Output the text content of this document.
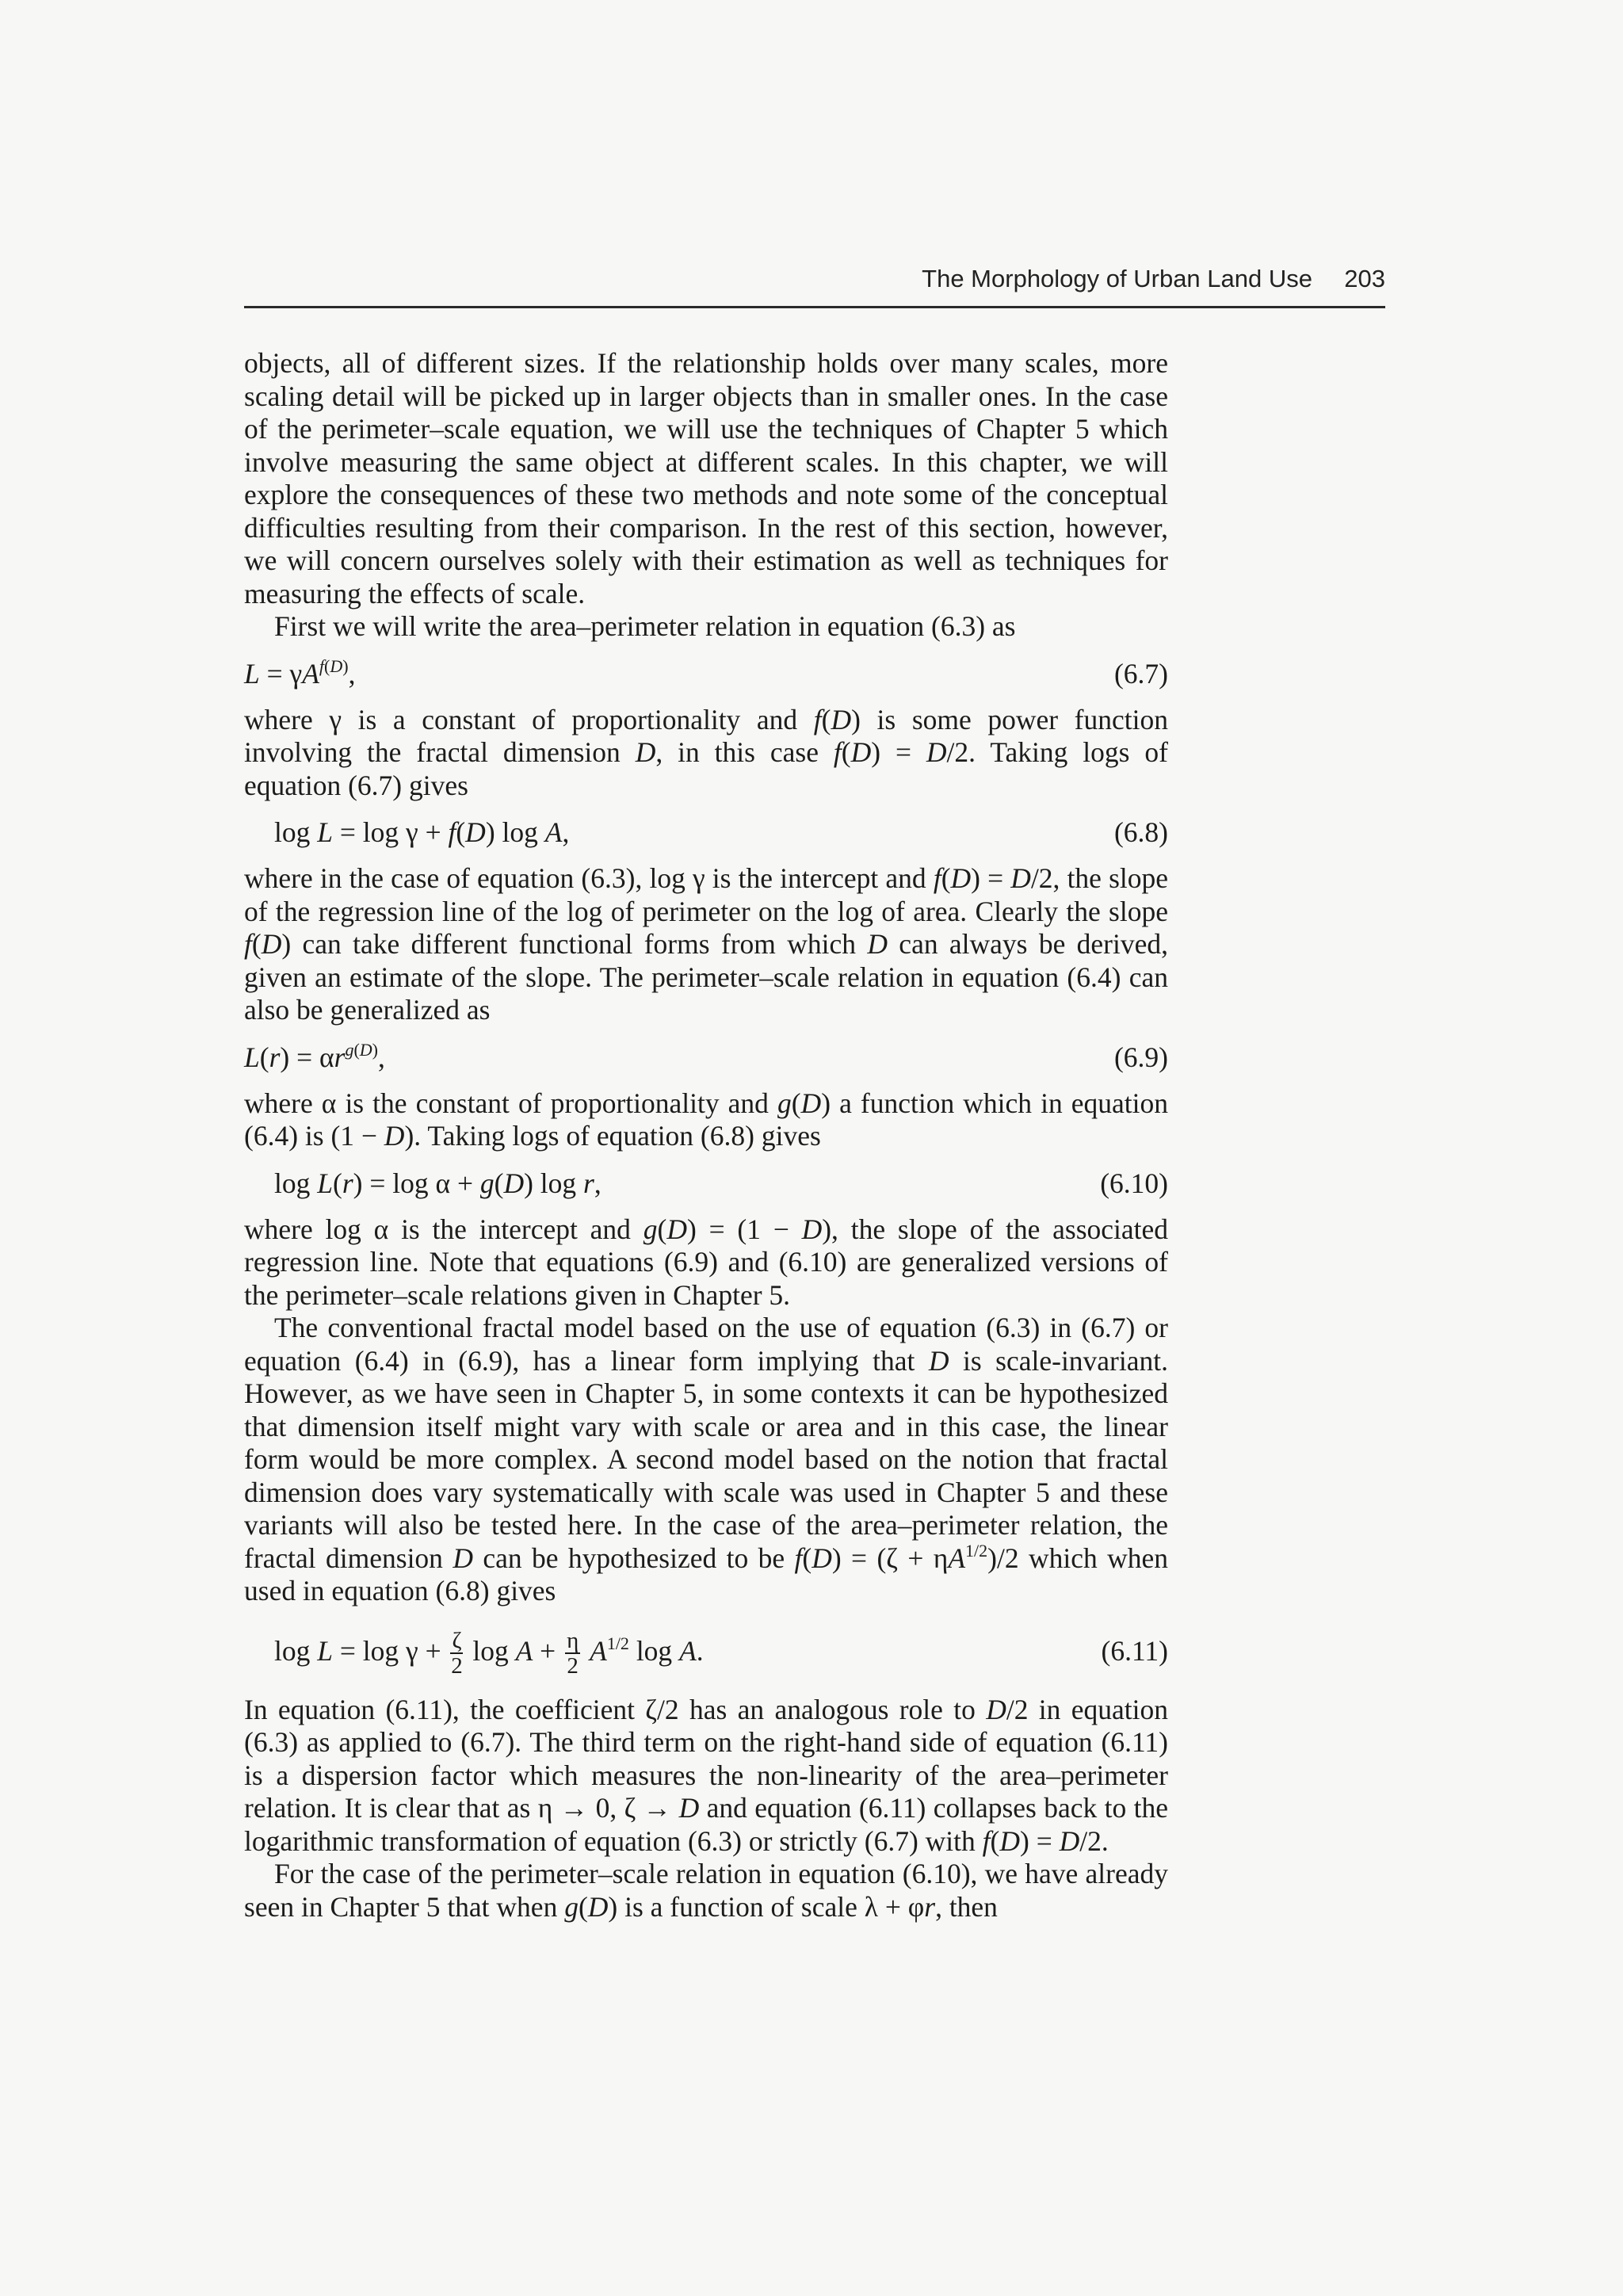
The Morphology of Urban Land Use 203

objects, all of different sizes. If the relationship holds over many scales, more scaling detail will be picked up in larger objects than in smaller ones. In the case of the perimeter–scale equation, we will use the techniques of Chapter 5 which involve measuring the same object at different scales. In this chapter, we will explore the consequences of these two methods and note some of the conceptual difficulties resulting from their comparison. In the rest of this section, however, we will concern ourselves solely with their estimation as well as techniques for measuring the effects of scale.

First we will write the area–perimeter relation in equation (6.3) as

$L = \gamma A^{f(D)}$,	(6.7)

where γ is a constant of proportionality and f(D) is some power function involving the fractal dimension D, in this case f(D) = D/2. Taking logs of equation (6.7) gives

log L = log γ + f(D) log A,	(6.8)

where in the case of equation (6.3), log γ is the intercept and f(D) = D/2, the slope of the regression line of the log of perimeter on the log of area. Clearly the slope f(D) can take different functional forms from which D can always be derived, given an estimate of the slope. The perimeter–scale relation in equation (6.4) can also be generalized as

$L(r) = \alpha r^{g(D)}$,	(6.9)

where α is the constant of proportionality and g(D) a function which in equation (6.4) is (1 − D). Taking logs of equation (6.8) gives

log L(r) = log α + g(D) log r,	(6.10)

where log α is the intercept and g(D) = (1 − D), the slope of the associated regression line. Note that equations (6.9) and (6.10) are generalized versions of the perimeter–scale relations given in Chapter 5.

The conventional fractal model based on the use of equation (6.3) in (6.7) or equation (6.4) in (6.9), has a linear form implying that D is scale-invariant. However, as we have seen in Chapter 5, in some contexts it can be hypothesized that dimension itself might vary with scale or area and in this case, the linear form would be more complex. A second model based on the notion that fractal dimension does vary systematically with scale was used in Chapter 5 and these variants will also be tested here. In the case of the area–perimeter relation, the fractal dimension D can be hypothesized to be $f(D) = (\zeta + \eta A^{1/2})/2$ which when used in equation (6.8) gives

$\log L = \log \gamma + \frac{\zeta}{2}$ $\log A + \frac{\eta}{2} A^{1/2}$ log A.	(6.11)

In equation (6.11), the coefficient ζ/2 has an analogous role to D/2 in equation (6.3) as applied to (6.7). The third term on the right-hand side of equation (6.11) is a dispersion factor which measures the non-linearity of the area–perimeter relation. It is clear that as η → 0, ζ → D and equation (6.11) collapses back to the logarithmic transformation of equation (6.3) or strictly (6.7) with f(D) = D/2.

For the case of the perimeter–scale relation in equation (6.10), we have already seen in Chapter 5 that when g(D) is a function of scale λ + φr, then
